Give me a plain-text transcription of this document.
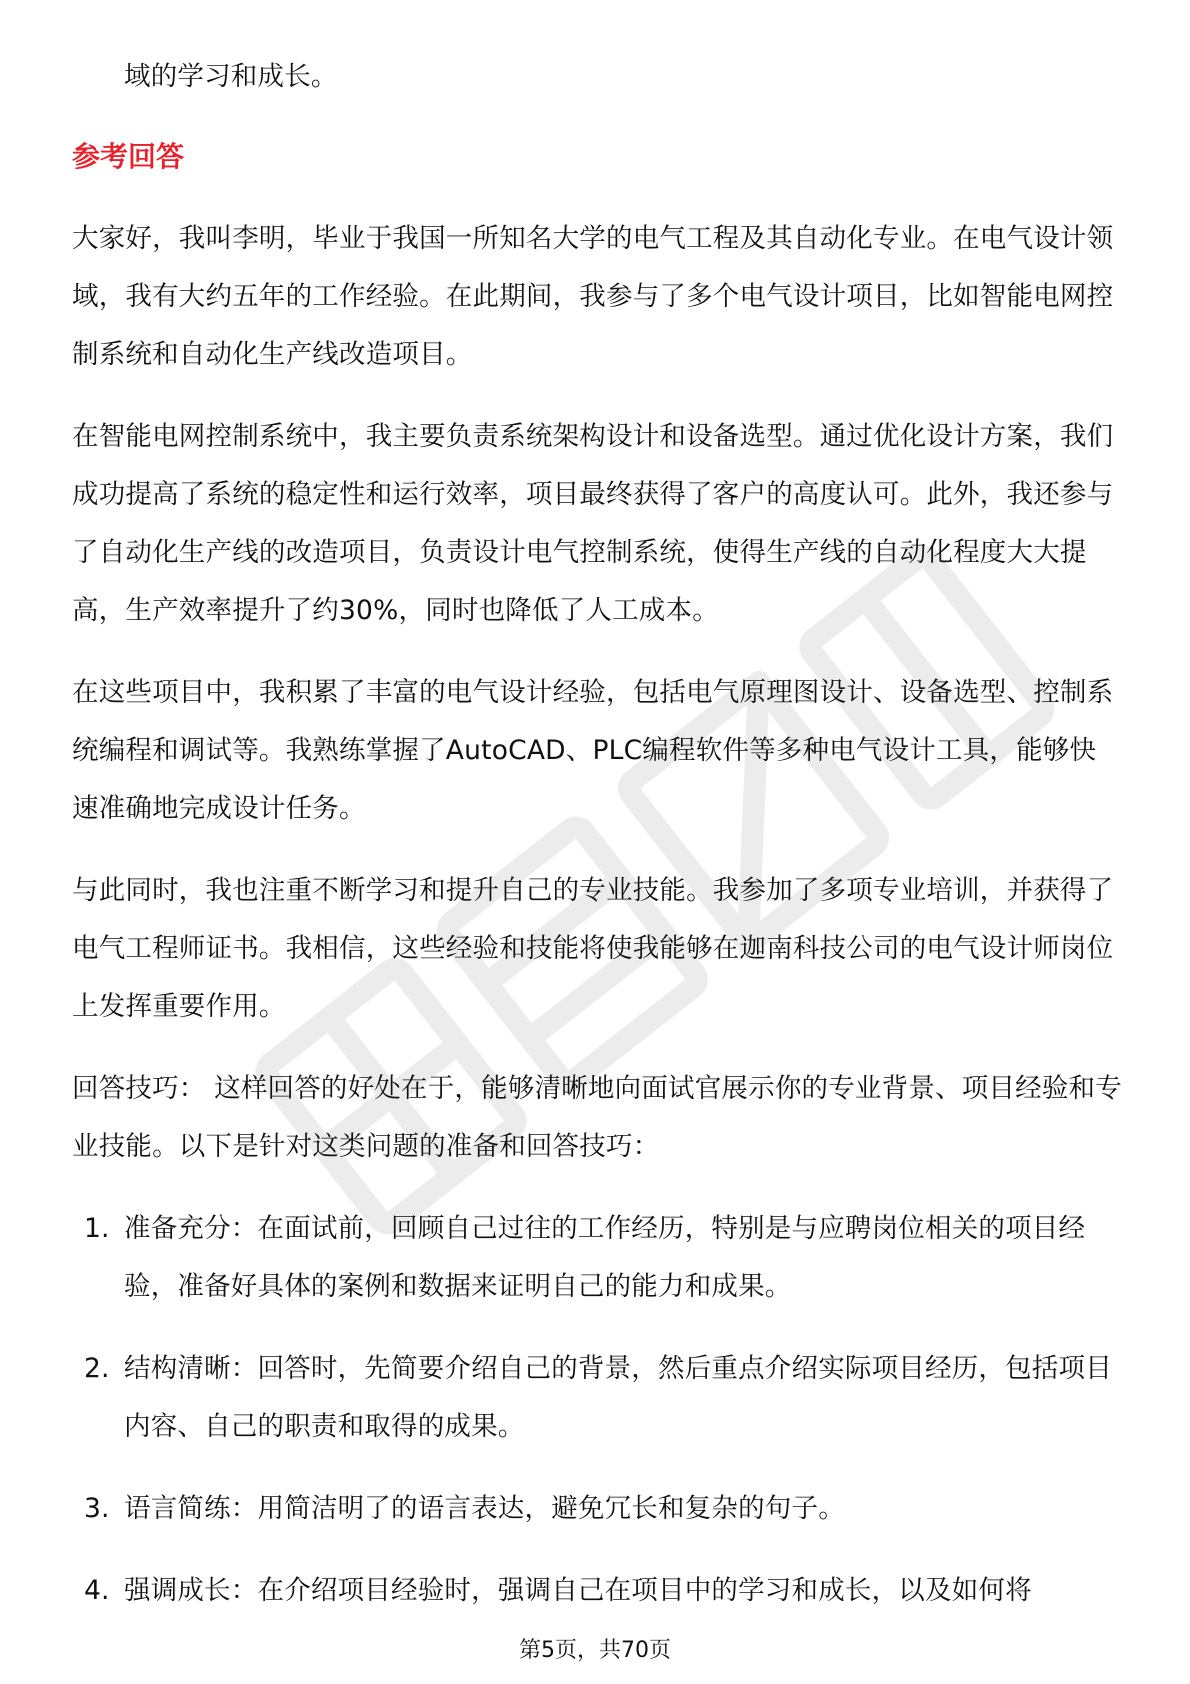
域的学习和成长。

参考回答

大家好，我叫李明，毕业于我国一所知名大学的电气工程及其自动化专业。在电气设计领域，我有大约五年的工作经验。在此期间，我参与了多个电气设计项目，比如智能电网控制系统和自动化生产线改造项目。

在智能电网控制系统中，我主要负责系统架构设计和设备选型。通过优化设计方案，我们成功提高了系统的稳定性和运行效率，项目最终获得了客户的高度认可。此外，我还参与了自动化生产线的改造项目，负责设计电气控制系统，使得生产线的自动化程度大大提高，生产效率提升了约30%，同时也降低了人工成本。

在这些项目中，我积累了丰富的电气设计经验，包括电气原理图设计、设备选型、控制系统编程和调试等。我熟练掌握了AutoCAD、PLC编程软件等多种电气设计工具，能够快速准确地完成设计任务。

与此同时，我也注重不断学习和提升自己的专业技能。我参加了多项专业培训，并获得了电气工程师证书。我相信，这些经验和技能将使我能够在迦南科技公司的电气设计师岗位上发挥重要作用。

回答技巧： 这样回答的好处在于，能够清晰地向面试官展示你的专业背景、项目经验和专业技能。以下是针对这类问题的准备和回答技巧：

1. 准备充分：在面试前，回顾自己过往的工作经历，特别是与应聘岗位相关的项目经验，准备好具体的案例和数据来证明自己的能力和成果。
2. 结构清晰：回答时，先简要介绍自己的背景，然后重点介绍实际项目经历，包括项目内容、自己的职责和取得的成果。
3. 语言简练：用简洁明了的语言表达，避免冗长和复杂的句子。
4. 强调成长：在介绍项目经验时，强调自己在项目中的学习和成长，以及如何将
第5页，共70页
